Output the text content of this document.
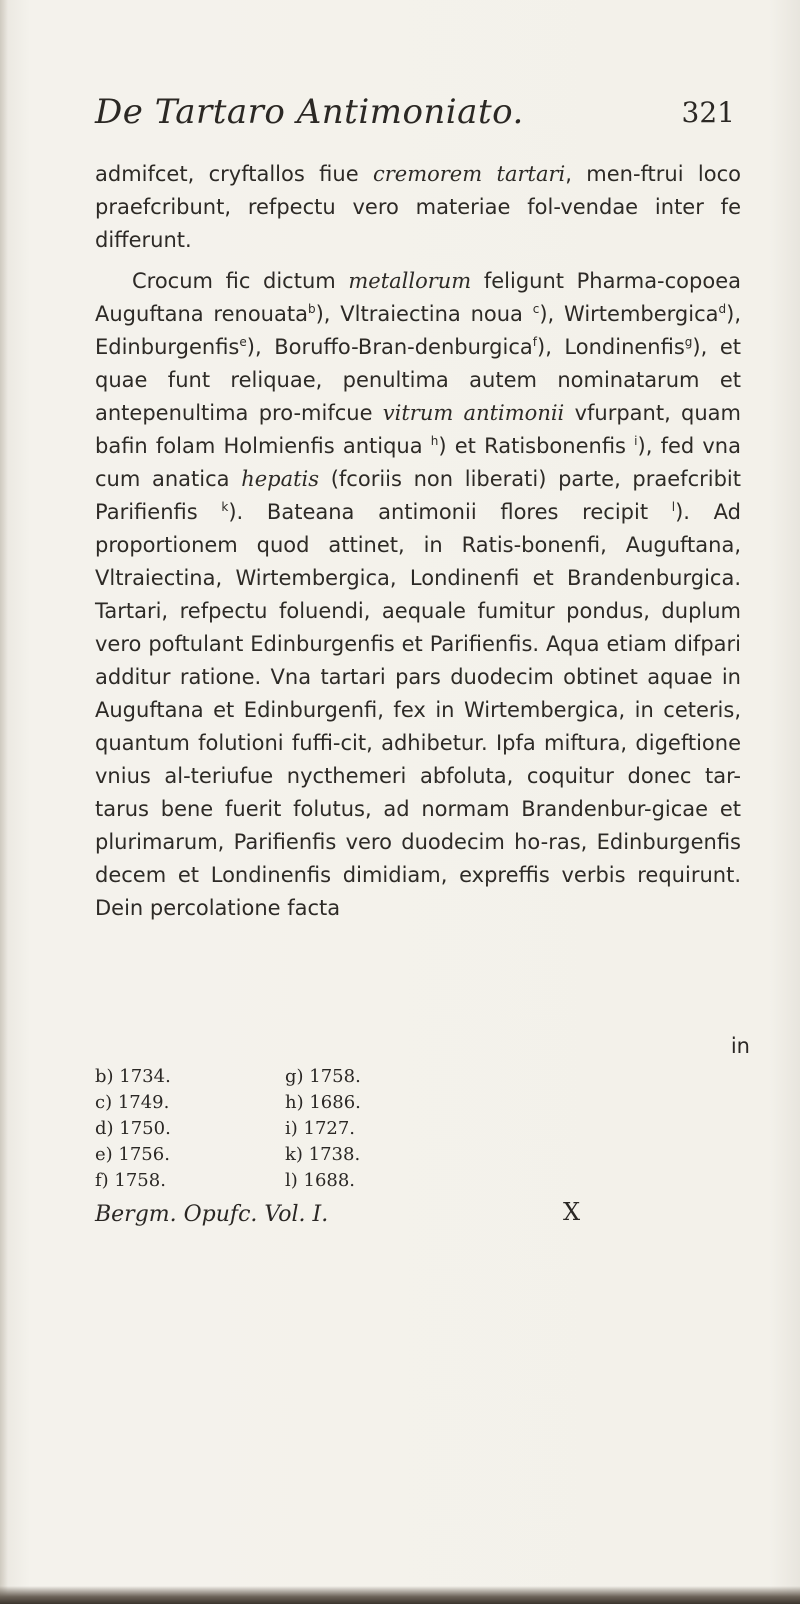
De Tartaro Antimoniato.	321

admifcet, cryftallos fiue cremorem tartari, men-ftrui loco praefcribunt, refpectu vero materiae fol-vendae inter fe differunt.

Crocum fic dictum metallorum feligunt Pharma-copoea Auguftana renouata$^b$), Vltraiectina noua $^c$), Wirtembergica$^d$), Edinburgenfis$^e$), Boruffo-Bran-denburgica$^f$), Londinenfis$^g$), et quae funt reliquae, penultima autem nominatarum et antepenultima pro-mifcue vitrum antimonii vfurpant, quam bafin folam Holmienfis antiqua $^h$) et Ratisbonenfis $^i$), fed vna cum anatica hepatis (fcoriis non liberati) parte, praefcribit Parifienfis $^k$). Bateana antimonii flores recipit $^l$). Ad proportionem quod attinet, in Ratis-bonenfi, Auguftana, Vltraiectina, Wirtembergica, Londinenfi et Brandenburgica. Tartari, refpectu foluendi, aequale fumitur pondus, duplum vero poftulant Edinburgenfis et Parifienfis. Aqua etiam difpari additur ratione. Vna tartari pars duodecim obtinet aquae in Auguftana et Edinburgenfi, fex in Wirtembergica, in ceteris, quantum folutioni fuffi-cit, adhibetur. Ipfa miftura, digeftione vnius al-teriufue nycthemeri abfoluta, coquitur donec tar-tarus bene fuerit folutus, ad normam Brandenbur-gicae et plurimarum, Parifienfis vero duodecim ho-ras, Edinburgenfis decem et Londinenfis dimidiam, expreffis verbis requirunt. Dein percolatione facta

in
b) 1734.
c) 1749.
d) 1750.
e) 1756.
f) 1758.
g) 1758.
h) 1686.
i) 1727.
k) 1738.
l) 1688.
Bergm. Opufc. Vol. I.	X
